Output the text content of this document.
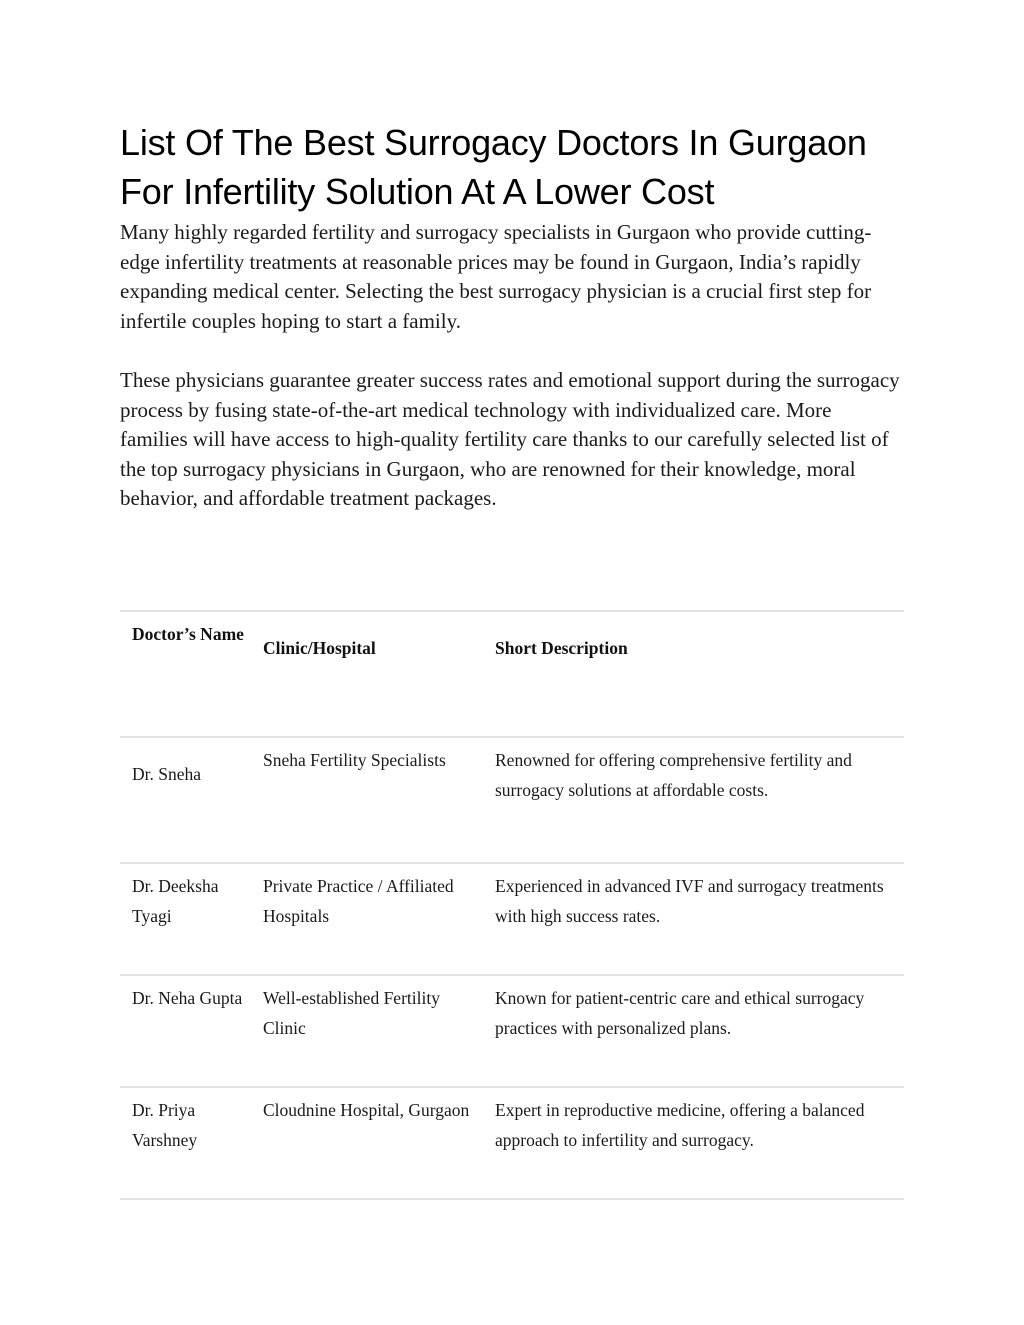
List Of The Best Surrogacy Doctors In Gurgaon For Infertility Solution At A Lower Cost

Many highly regarded fertility and surrogacy specialists in Gurgaon who provide cutting-edge infertility treatments at reasonable prices may be found in Gurgaon, India’s rapidly expanding medical center. Selecting the best surrogacy physician is a crucial first step for infertile couples hoping to start a family.

These physicians guarantee greater success rates and emotional support during the surrogacy process by fusing state-of-the-art medical technology with individualized care. More families will have access to high-quality fertility care thanks to our carefully selected list of the top surrogacy physicians in Gurgaon, who are renowned for their knowledge, moral behavior, and affordable treatment packages.

Doctor’s Name	Clinic/Hospital	Short Description
Dr. Sneha	Sneha Fertility Specialists	Renowned for offering comprehensive fertility and surrogacy solutions at affordable costs.
Dr. Deeksha Tyagi	Private Practice / Affiliated Hospitals	Experienced in advanced IVF and surrogacy treatments with high success rates.
Dr. Neha Gupta	Well-established Fertility Clinic	Known for patient-centric care and ethical surrogacy practices with personalized plans.
Dr. Priya Varshney	Cloudnine Hospital, Gurgaon	Expert in reproductive medicine, offering a balanced approach to infertility and surrogacy.
